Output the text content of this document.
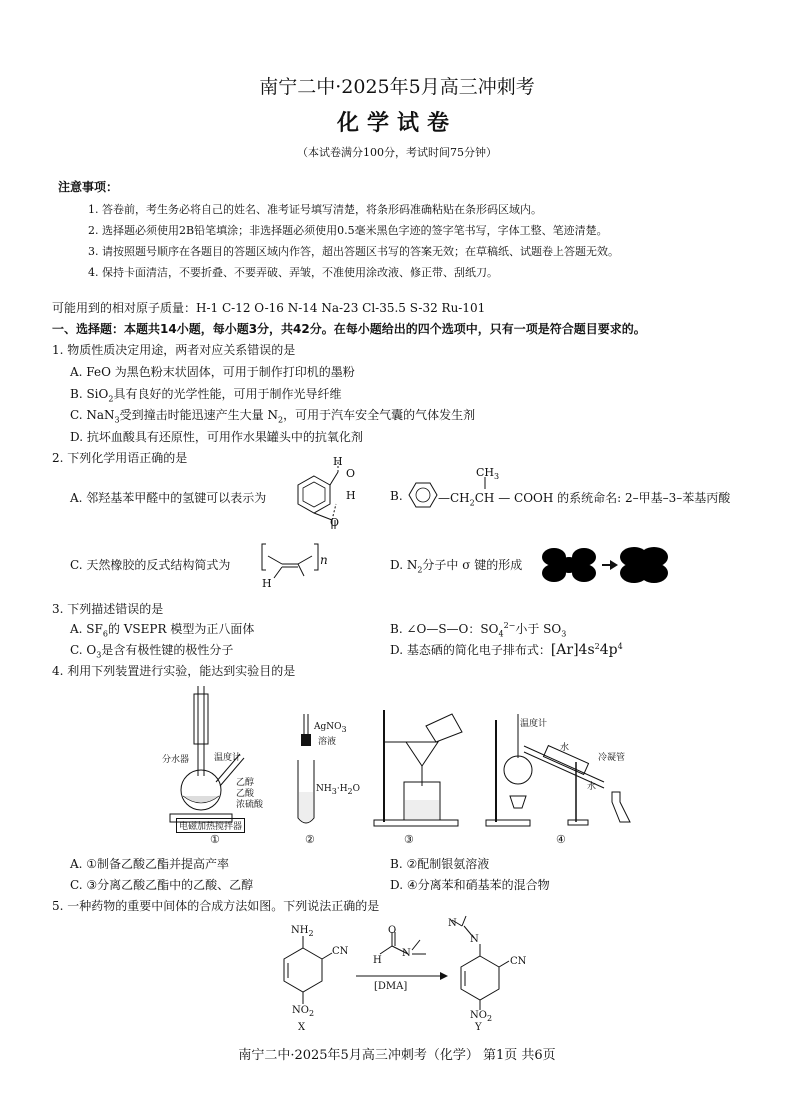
南宁二中·2025年5月高三冲刺考
化学试卷
（本试卷满分100分，考试时间75分钟）
注意事项：
1. 答卷前，考生务必将自己的姓名、准考证号填写清楚，将条形码准确粘贴在条形码区域内。
2. 选择题必须使用2B铅笔填涂；非选择题必须使用0.5毫米黑色字迹的签字笔书写，字体工整、笔迹清楚。
3. 请按照题号顺序在各题目的答题区域内作答，超出答题区书写的答案无效；在草稿纸、试题卷上答题无效。
4. 保持卡面清洁，不要折叠、不要弄破、弄皱，不准使用涂改液、修正带、刮纸刀。
可能用到的相对原子质量：H-1 C-12 O-16 N-14 Na-23 Cl-35.5 S-32 Ru-101
一、选择题：本题共14小题，每小题3分，共42分。在每小题给出的四个选项中，只有一项是符合题目要求的。
1. 物质性质决定用途，两者对应关系错误的是
A. FeO 为黑色粉末状固体，可用于制作打印机的墨粉
B. SiO$_2$具有良好的光学性能，可用于制作光导纤维
C. NaN$_3$受到撞击时能迅速产生大量 $N_2$，可用于汽车安全气囊的气体发生剂
D. 抗坏血酸具有还原性，可用作水果罐头中的抗氧化剂
2. 下列化学用语正确的是
A. 邻羟基苯甲醛中的氢键可以表示为
H
O
H
O
B.	$—CH_2CH$ — COOH 的系统命名: 2–甲基–3–苯基丙酸
$CH_3$
C. 天然橡胶的反式结构简式为	n
H
D. $N_2$分子中 σ 键的形成
3. 下列描述错误的是
A. $SF_6$的 VSEPR 模型为正八面体	B. ∠O—S—O：$SO_4^{2-}$小于 $SO_3$
C. $O_3$是含有极性键的极性分子	D. 基态硒的简化电子排布式：$[Ar]4s^24p^4$
4. 利用下列装置进行实验，能达到实验目的是
分水器	温度计
乙醇
乙酸
浓硫酸
电磁加热搅拌器
AgNO$_3$
溶液
$NH_3\cdot H_2O$
温度计
水
冷凝管
水
①	②	③	④
A. ①制备乙酸乙酯并提高产率	B. ②配制银氨溶液
C. ③分离乙酸乙酯中的乙酸、乙醇	D. ④分离苯和硝基苯的混合物
5. 一种药物的重要中间体的合成方法如图。下列说法正确的是
$NH_2$
CN
$NO_2$
X
O
H
N
[DMA]
N
N
CN
$NO_2$
Y
南宁二中·2025年5月高三冲刺考（化学） 第1页 共6页
